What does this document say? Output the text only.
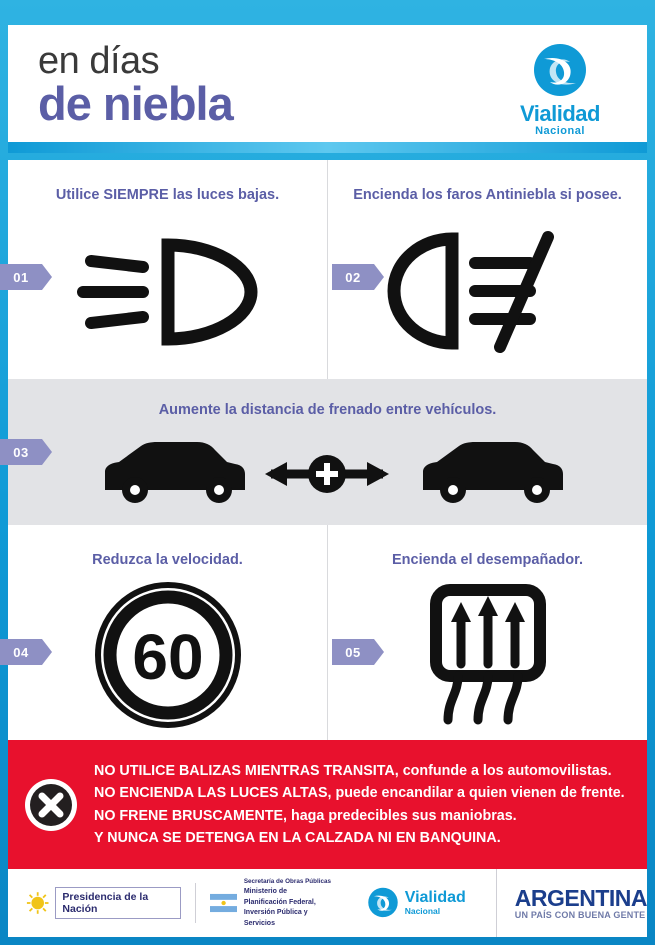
en días
de niebla	Vialidad
Nacional
01	02
Utilice SIEMPRE las luces bajas.	Encienda los faros Antiniebla si posee.
03
Aumente la distancia de frenado entre vehículos.
04	05
Reduzca la velocidad.
60
Encienda el desempañador.
NO UTILICE BALIZAS MIENTRAS TRANSITA, confunde a los automovilistas.
NO ENCIENDA LAS LUCES ALTAS, puede encandilar a quien vienen de frente.
NO FRENE BRUSCAMENTE, haga predecibles sus maniobras.
Y NUNCA SE DETENGA EN LA CALZADA NI EN BANQUINA.
Presidencia de la Nación
Secretaría de Obras Públicas
Ministerio de
Planificación Federal,
Inversión Pública y Servicios
Vialidad
Nacional	ARGENTINA
UN PAÍS CON BUENA GENTE
